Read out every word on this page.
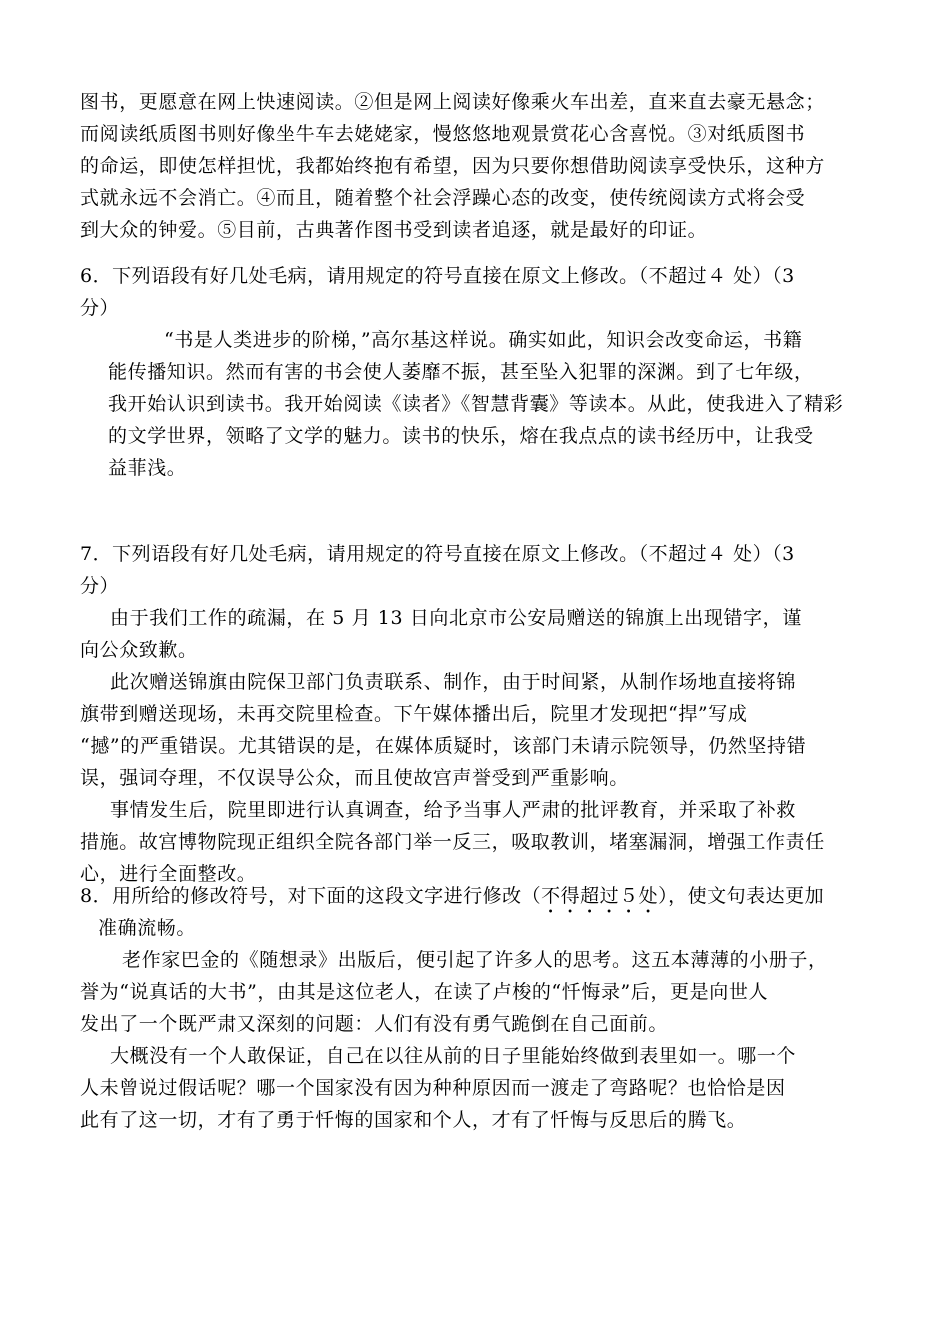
图书，更愿意在网上快速阅读。②但是网上阅读好像乘火车出差，直来直去豪无悬念；
而阅读纸质图书则好像坐牛车去姥姥家，慢悠悠地观景赏花心含喜悦。③对纸质图书
的命运，即使怎样担忧，我都始终抱有希望，因为只要你想借助阅读享受快乐，这种方
式就永远不会消亡。④而且，随着整个社会浮躁心态的改变，使传统阅读方式将会受
到大众的钟爱。⑤目前，古典著作图书受到读者追逐，就是最好的印证。
6．下列语段有好几处毛病，请用规定的符号直接在原文上修改。（不超过４ 处）（3
分）
“书是人类进步的阶梯，”高尔基这样说。确实如此，知识会改变命运，书籍
能传播知识。然而有害的书会使人萎靡不振，甚至坠入犯罪的深渊。到了七年级，
我开始认识到读书。我开始阅读《读者》《智慧背囊》等读本。从此，使我进入了精彩
的文学世界，领略了文学的魅力。读书的快乐，熔在我点点的读书经历中，让我受
益菲浅。
7．下列语段有好几处毛病，请用规定的符号直接在原文上修改。（不超过４ 处）（3
分）
由于我们工作的疏漏，在 5 月 13 日向北京市公安局赠送的锦旗上出现错字，谨
向公众致歉。
此次赠送锦旗由院保卫部门负责联系、制作，由于时间紧，从制作场地直接将锦
旗带到赠送现场，未再交院里检查。下午媒体播出后，院里才发现把“捍”写成
“撼”的严重错误。尤其错误的是，在媒体质疑时，该部门未请示院领导，仍然坚持错
误，强词夺理，不仅误导公众，而且使故宫声誉受到严重影响。
事情发生后，院里即进行认真调查，给予当事人严肃的批评教育，并采取了补救
措施。故宫博物院现正组织全院各部门举一反三，吸取教训，堵塞漏洞，增强工作责任
心，进行全面整改。
8．用所给的修改符号，对下面的这段文字进行修改（不得超过５处），使文句表达更加
准确流畅。
老作家巴金的《随想录》出版后，便引起了许多人的思考。这五本薄薄的小册子，
誉为“说真话的大书”，由其是这位老人，在读了卢梭的“忏悔录”后，更是向世人
发出了一个既严肃又深刻的问题：人们有没有勇气跪倒在自己面前。
大概没有一个人敢保证，自己在以往从前的日子里能始终做到表里如一。哪一个
人未曾说过假话呢？哪一个国家没有因为种种原因而一渡走了弯路呢？也恰恰是因
此有了这一切，才有了勇于忏悔的国家和个人，才有了忏悔与反思后的腾飞。
